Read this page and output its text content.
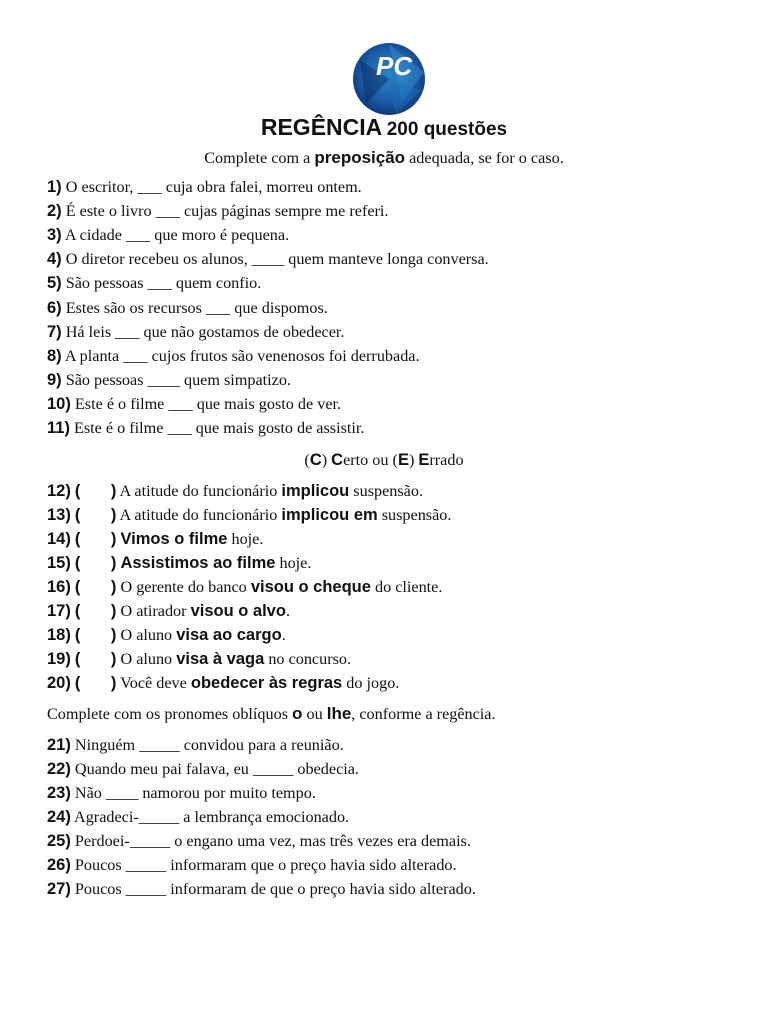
PC
REGÊNCIA 200 questões
Complete com a preposição adequada, se for o caso.
1) O escritor, ___ cuja obra falei, morreu ontem.
2) É este o livro ___ cujas páginas sempre me referi.
3) A cidade ___ que moro é pequena.
4) O diretor recebeu os alunos, ____ quem manteve longa conversa.
5) São pessoas ___ quem confio.
6) Estes são os recursos ___ que dispomos.
7) Há leis ___ que não gostamos de obedecer.
8) A planta ___ cujos frutos são venenosos foi derrubada.
9) São pessoas ____ quem simpatizo.
10) Este é o filme ___ que mais gosto de ver.
11) Este é o filme ___ que mais gosto de assistir.
(C) Certo ou (E) Errado
12) ( ) A atitude do funcionário implicou suspensão.
13) ( ) A atitude do funcionário implicou em suspensão.
14) ( ) Vimos o filme hoje.
15) ( ) Assistimos ao filme hoje.
16) ( ) O gerente do banco visou o cheque do cliente.
17) ( ) O atirador visou o alvo.
18) ( ) O aluno visa ao cargo.
19) ( ) O aluno visa à vaga no concurso.
20) ( ) Você deve obedecer às regras do jogo.
Complete com os pronomes oblíquos o ou lhe, conforme a regência.
21) Ninguém _____ convidou para a reunião.
22) Quando meu pai falava, eu _____ obedecia.
23) Não ____ namorou por muito tempo.
24) Agradeci-_____ a lembrança emocionado.
25) Perdoei-_____ o engano uma vez, mas três vezes era demais.
26) Poucos _____ informaram que o preço havia sido alterado.
27) Poucos _____ informaram de que o preço havia sido alterado.
